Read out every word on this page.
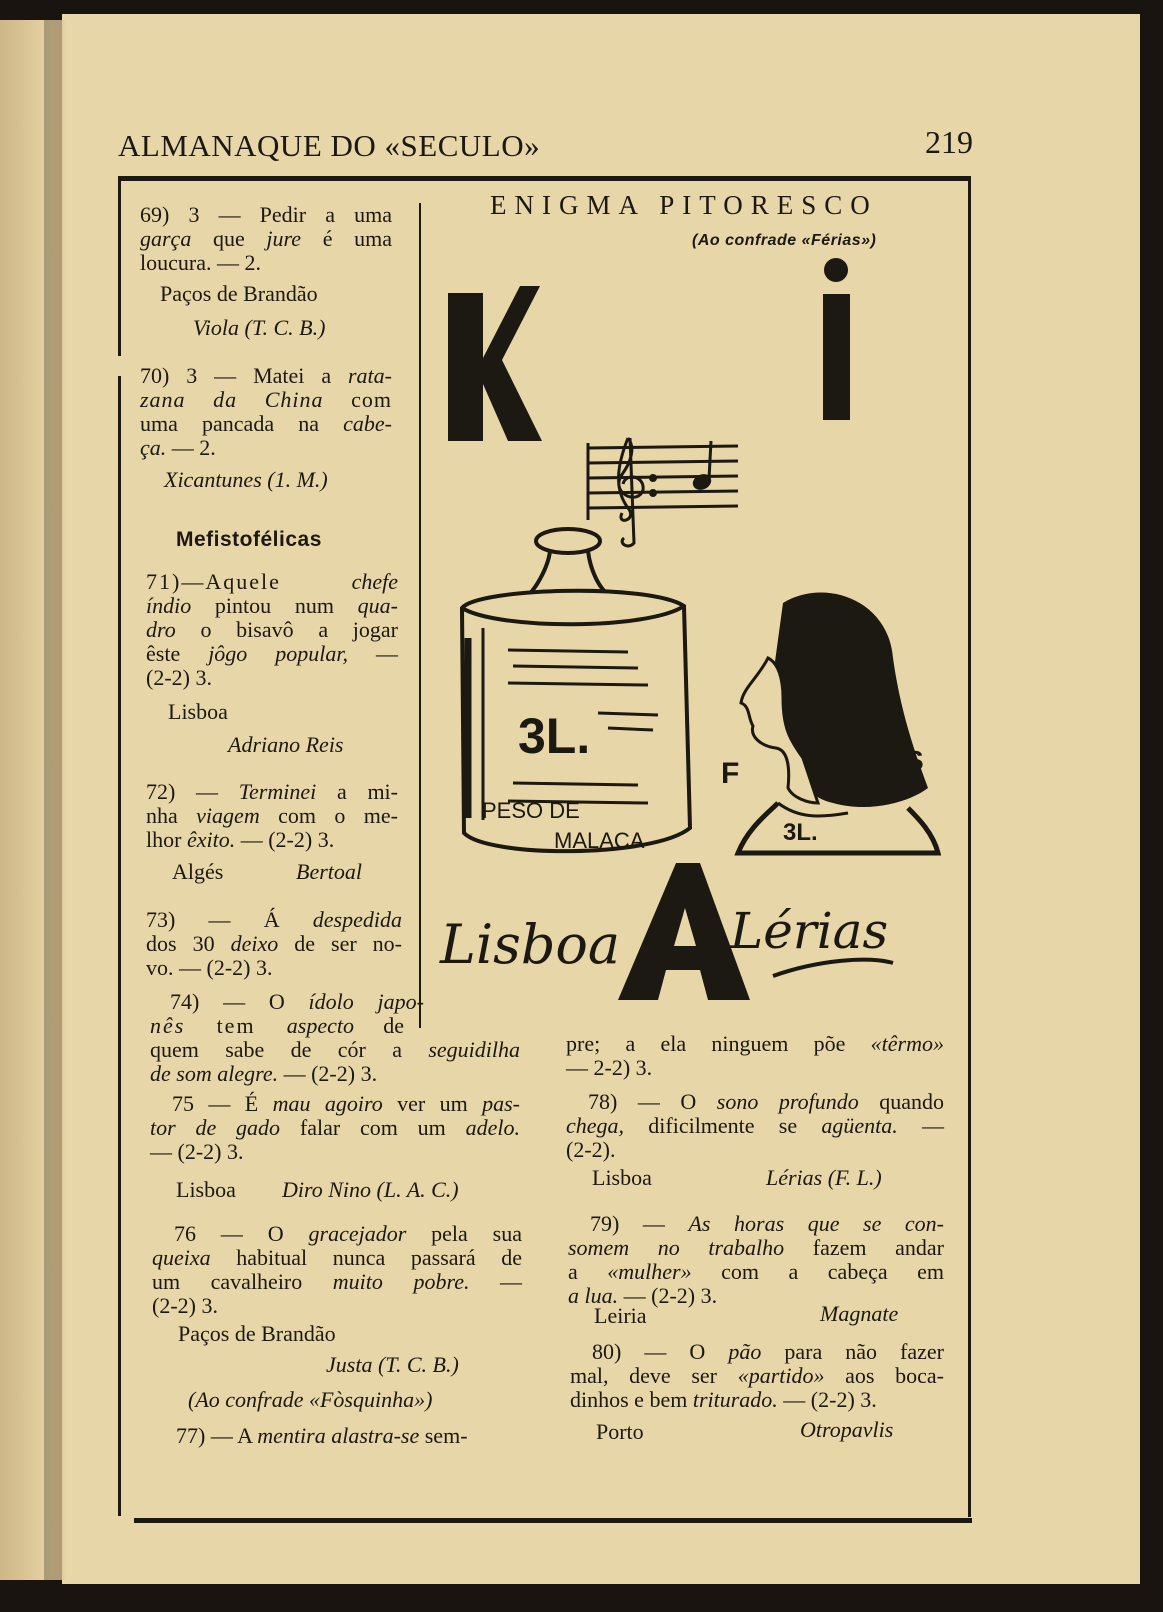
ALMANAQUE DO «SECULO»	219
69) 3 — Pedir a uma
garça que jure é uma
loucura. — 2.
Paços de Brandão
Viola (T. C. B.)
70) 3 — Matei a rata-
zana da China com
uma pancada na cabe-
ça. — 2.
Xicantunes (1. M.)
Mefistofélicas
71)—Aquele chefe
índio pintou num qua-
dro o bisavô a jogar
êste jôgo popular, —
(2-2) 3.
Lisboa
Adriano Reis
72) — Terminei a mi-
nha viagem com o me-
lhor êxito. — (2-2) 3.
Algés	Bertoal
73) — Á despedida
dos 30 deixo de ser no-
vo. — (2-2) 3.
74) — O ídolo japo-
nês tem aspecto de
quem sabe de cór a seguidilha
de som alegre. — (2-2) 3.
75 — É mau agoiro ver um pas-
tor de gado falar com um adelo.
— (2-2) 3.
Lisboa Diro Nino (L. A. C.)
76 — O gracejador pela sua
queixa habitual nunca passará de
um cavalheiro muito pobre. —
(2-2) 3.
Paços de Brandão
Justa (T. C. B.)
(Ao confrade «Fòsquinha»)
77) — A mentira alastra-se sem-
pre; a ela ninguem põe «têrmo»
— 2-2) 3.
78) — O sono profundo quando
chega, dificilmente se agüenta. —
(2-2).
Lisboa	Lérias (F. L.)
79) — As horas que se con-
somem no trabalho fazem andar
a «mulher» com a cabeça em
a lua. — (2-2) 3.
Leiria	Magnate
80) — O pão para não fazer
mal, deve ser «partido» aos boca-
dinhos e bem triturado. — (2-2) 3.
Porto	Otropavlis
ENIGMA PITORESCO
(Ao confrade «Férias»)
3L.
PESO DE
MALACA
F	S
3L.
Lisboa Lérias
